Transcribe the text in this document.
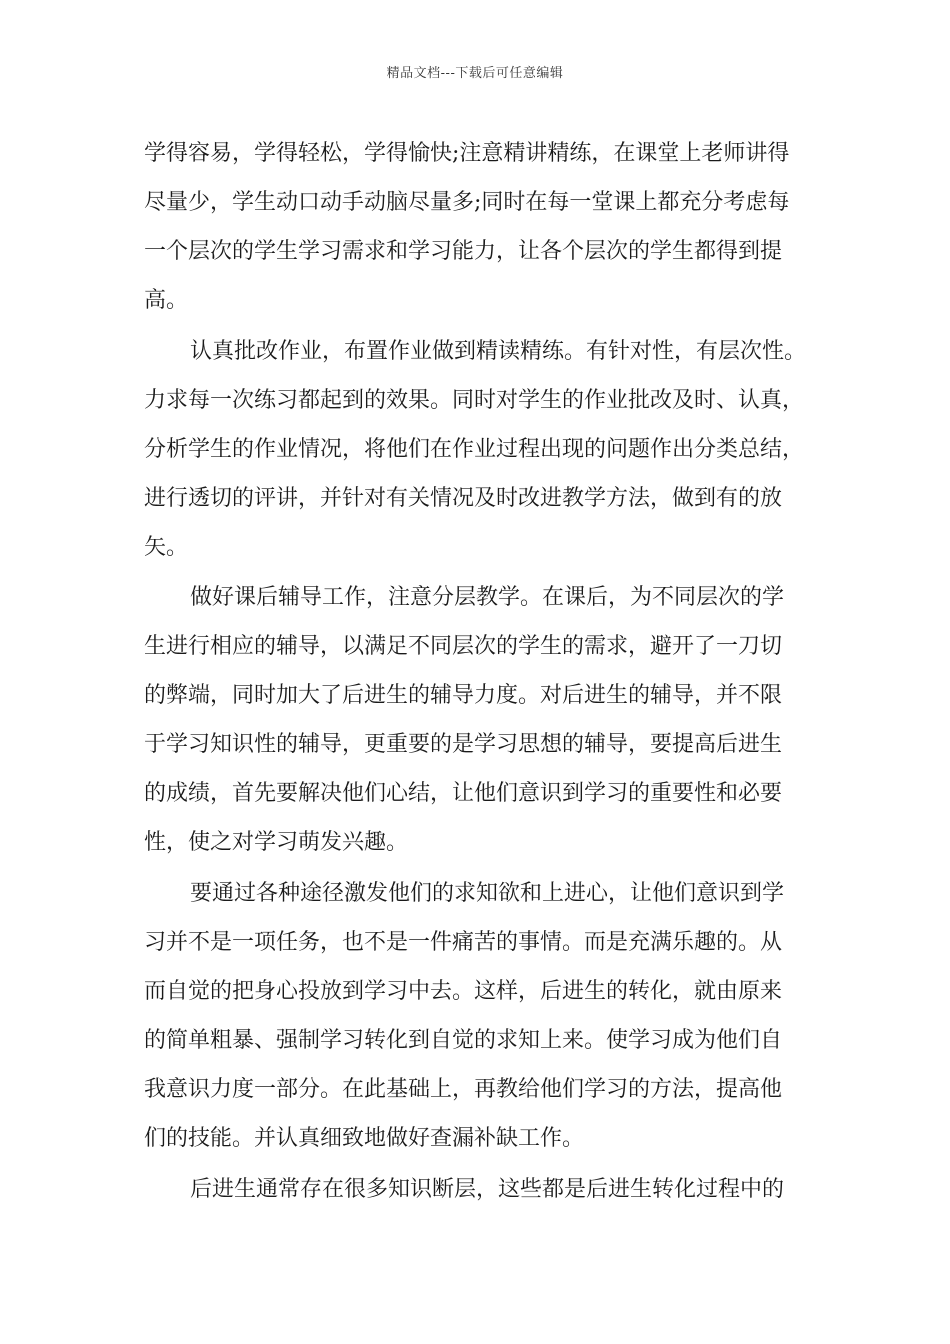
精品文档---下载后可任意编辑
学得容易，学得轻松，学得愉快;注意精讲精练，在课堂上老师讲得
尽量少，学生动口动手动脑尽量多;同时在每一堂课上都充分考虑每
一个层次的学生学习需求和学习能力，让各个层次的学生都得到提
高。
认真批改作业，布置作业做到精读精练。有针对性，有层次性。
力求每一次练习都起到的效果。同时对学生的作业批改及时、认真，
分析学生的作业情况，将他们在作业过程出现的问题作出分类总结，
进行透切的评讲，并针对有关情况及时改进教学方法，做到有的放
矢。
做好课后辅导工作，注意分层教学。在课后，为不同层次的学
生进行相应的辅导，以满足不同层次的学生的需求，避开了一刀切
的弊端，同时加大了后进生的辅导力度。对后进生的辅导，并不限
于学习知识性的辅导，更重要的是学习思想的辅导，要提高后进生
的成绩，首先要解决他们心结，让他们意识到学习的重要性和必要
性，使之对学习萌发兴趣。
要通过各种途径激发他们的求知欲和上进心，让他们意识到学
习并不是一项任务，也不是一件痛苦的事情。而是充满乐趣的。从
而自觉的把身心投放到学习中去。这样，后进生的转化，就由原来
的简单粗暴、强制学习转化到自觉的求知上来。使学习成为他们自
我意识力度一部分。在此基础上，再教给他们学习的方法，提高他
们的技能。并认真细致地做好查漏补缺工作。
后进生通常存在很多知识断层，这些都是后进生转化过程中的
